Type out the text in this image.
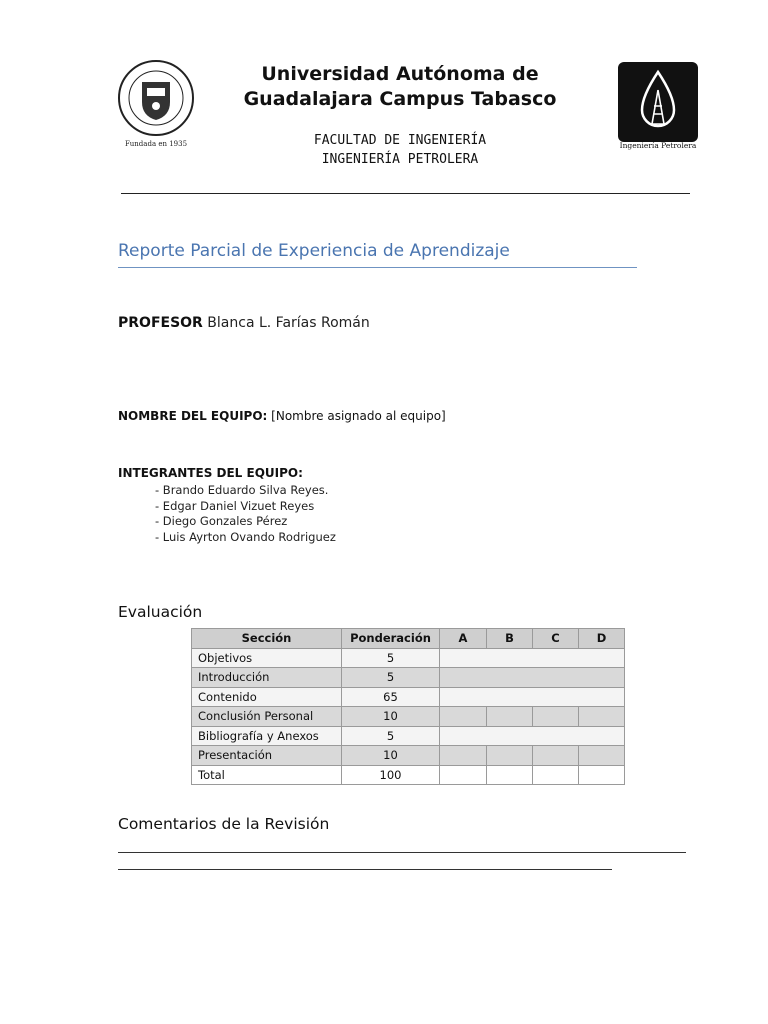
Fundada en 1935
Universidad Autónoma de
Guadalajara Campus Tabasco
FACULTAD DE INGENIERÍA
INGENIERÍA PETROLERA
Ingeniería Petrolera
Reporte Parcial de Experiencia de Aprendizaje
PROFESOR Blanca L. Farías Román
NOMBRE DEL EQUIPO: [Nombre asignado al equipo]
INTEGRANTES DEL EQUIPO:
- Brando Eduardo Silva Reyes.
- Edgar Daniel Vizuet Reyes
- Diego Gonzales Pérez
- Luis Ayrton Ovando Rodriguez
Evaluación
Sección	Ponderación	A	B	C	D
Objetivos	5				
Introducción	5				
Contenido	65				
Conclusión Personal	10				
Bibliografía y Anexos	5				
Presentación	10				
Total	100				
Comentarios de la Revisión
